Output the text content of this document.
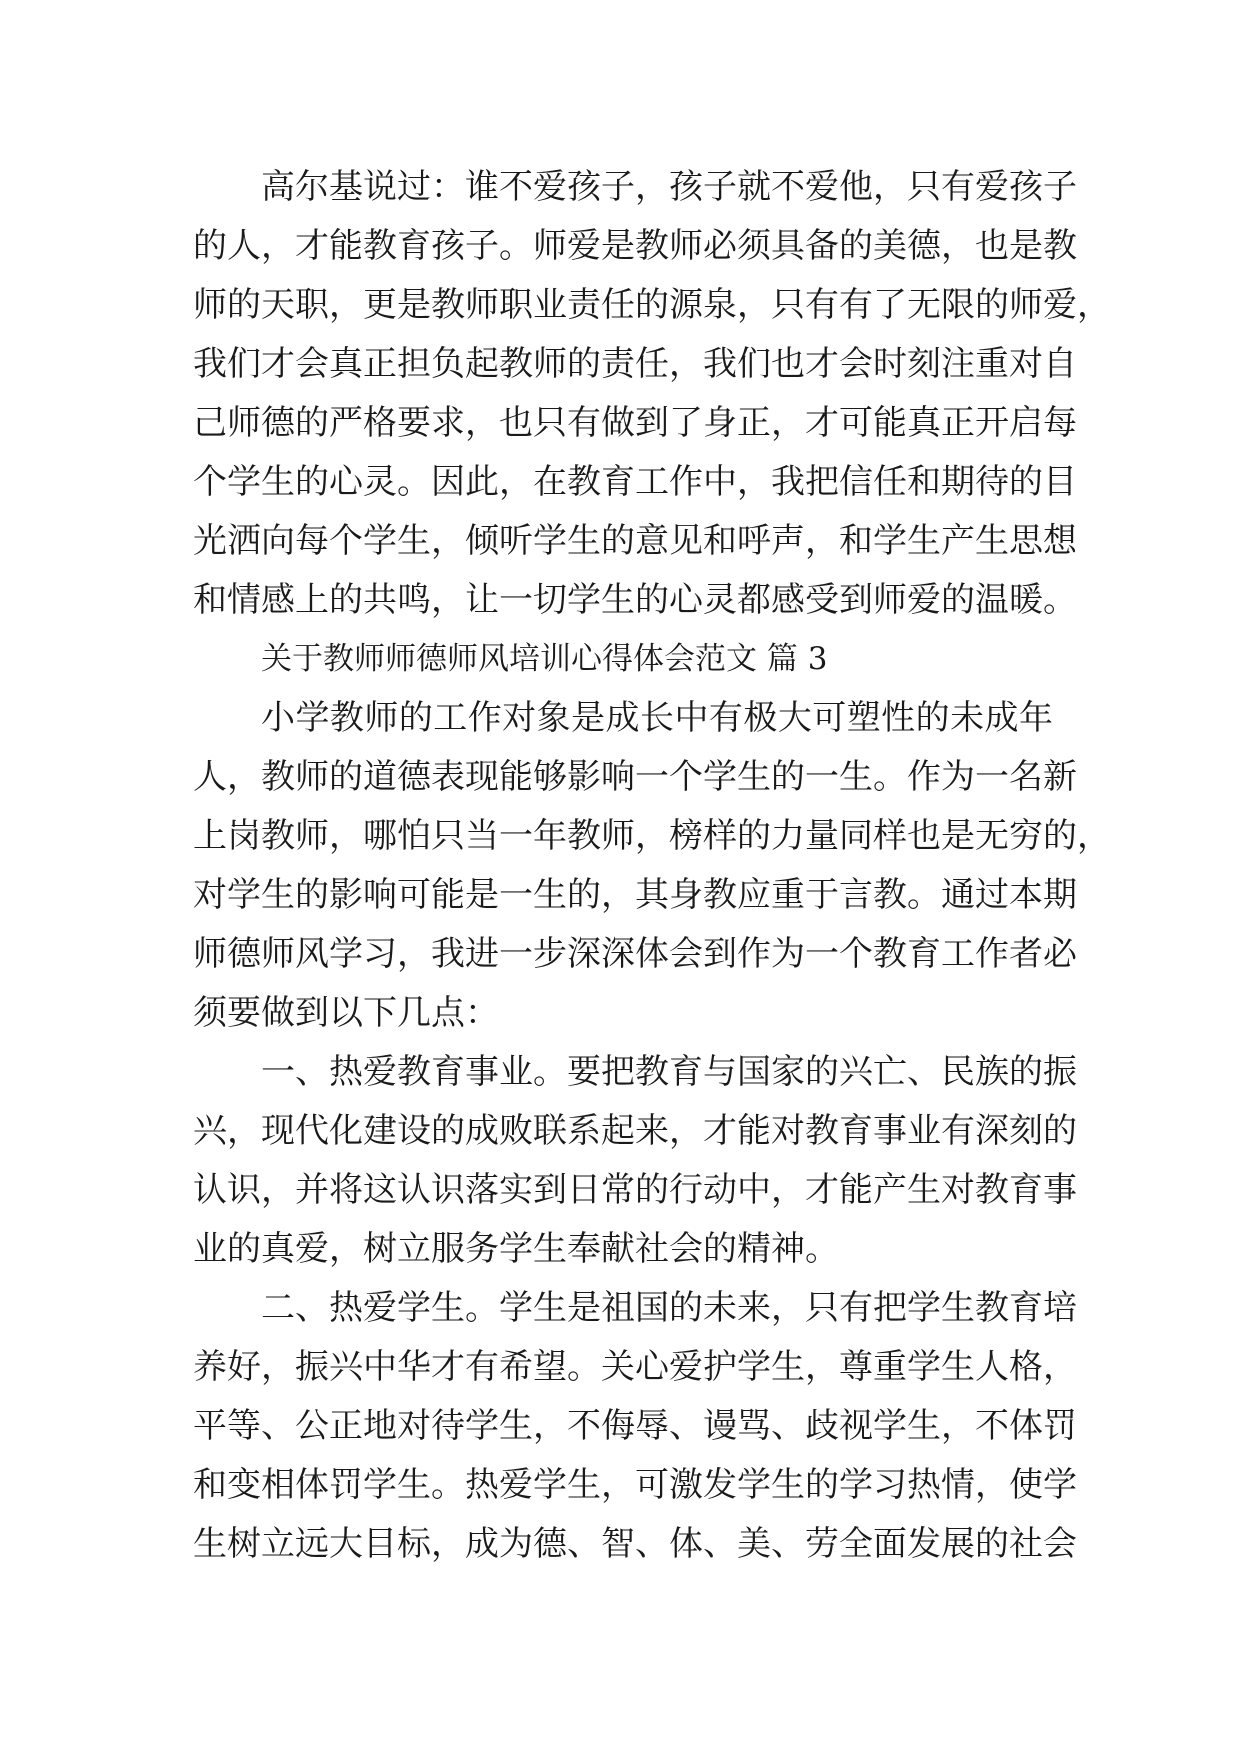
高尔基说过：谁不爱孩子，孩子就不爱他，只有爱孩子
的人，才能教育孩子。师爱是教师必须具备的美德，也是教
师的天职，更是教师职业责任的源泉，只有有了无限的师爱，
我们才会真正担负起教师的责任，我们也才会时刻注重对自
己师德的严格要求，也只有做到了身正，才可能真正开启每
个学生的心灵。因此，在教育工作中，我把信任和期待的目
光洒向每个学生，倾听学生的意见和呼声，和学生产生思想
和情感上的共鸣，让一切学生的心灵都感受到师爱的温暖。
关于教师师德师风培训心得体会范文 篇 3
小学教师的工作对象是成长中有极大可塑性的未成年
人，教师的道德表现能够影响一个学生的一生。作为一名新
上岗教师，哪怕只当一年教师，榜样的力量同样也是无穷的，
对学生的影响可能是一生的，其身教应重于言教。通过本期
师德师风学习，我进一步深深体会到作为一个教育工作者必
须要做到以下几点：
一、热爱教育事业。要把教育与国家的兴亡、民族的振
兴，现代化建设的成败联系起来，才能对教育事业有深刻的
认识，并将这认识落实到日常的行动中，才能产生对教育事
业的真爱，树立服务学生奉献社会的精神。
二、热爱学生。学生是祖国的未来，只有把学生教育培
养好，振兴中华才有希望。关心爱护学生，尊重学生人格，
平等、公正地对待学生，不侮辱、谩骂、歧视学生，不体罚
和变相体罚学生。热爱学生，可激发学生的学习热情，使学
生树立远大目标，成为德、智、体、美、劳全面发展的社会
